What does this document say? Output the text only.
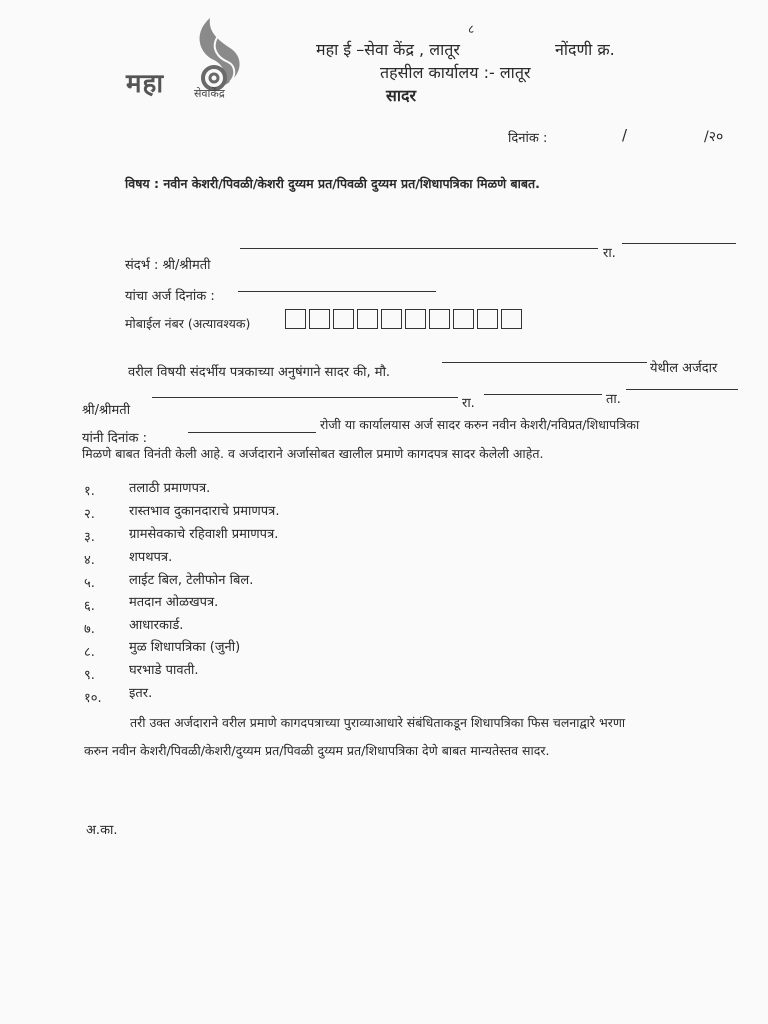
महा	सेवाकेंद्र
८
महा ई –सेवा केंद्र , लातूर	नोंदणी क्र.
तहसील कार्यालय :- लातूर
सादर
दिनांक :	/	/२०
विषय : नवीन केशरी/पिवळी/केशरी दुय्यम प्रत/पिवळी दुय्यम प्रत/शिधापत्रिका मिळणे बाबत.
संदर्भ : श्री/श्रीमती
रा.
यांचा अर्ज दिनांक :
मोबाईल नंबर (अत्यावश्यक)
वरील विषयी संदर्भीय पत्रकाच्या अनुषंगाने सादर की, मौ.	येथील अर्जदार
श्री/श्रीमती	रा.	ता.
यांनी दिनांक :
रोजी या कार्यालयास अर्ज सादर करुन नवीन केशरी/नविप्रत/शिधापत्रिका
मिळणे बाबत विनंती केली आहे. व अर्जदाराने अर्जासोबत खालील प्रमाणे कागदपत्र सादर केलेली आहेत.
१.	तलाठी प्रमाणपत्र.
२.	रास्तभाव दुकानदाराचे प्रमाणपत्र.
३.	ग्रामसेवकाचे रहिवाशी प्रमाणपत्र.
४.	शपथपत्र.
५.	लाईट बिल, टेलीफोन बिल.
६.	मतदान ओळखपत्र.
७.	आधारकार्ड.
८.	मुळ शिधापत्रिका (जुनी)
९.	घरभाडे पावती.
१०. इतर.
तरी उक्त अर्जदाराने वरील प्रमाणे कागदपत्राच्या पुराव्याआधारे संबंधिताकडून शिधापत्रिका फिस चलनाद्वारे भरणा
करुन नवीन केशरी/पिवळी/केशरी/दुय्यम प्रत/पिवळी दुय्यम प्रत/शिधापत्रिका देणे बाबत मान्यतेस्तव सादर.
अ.का.
